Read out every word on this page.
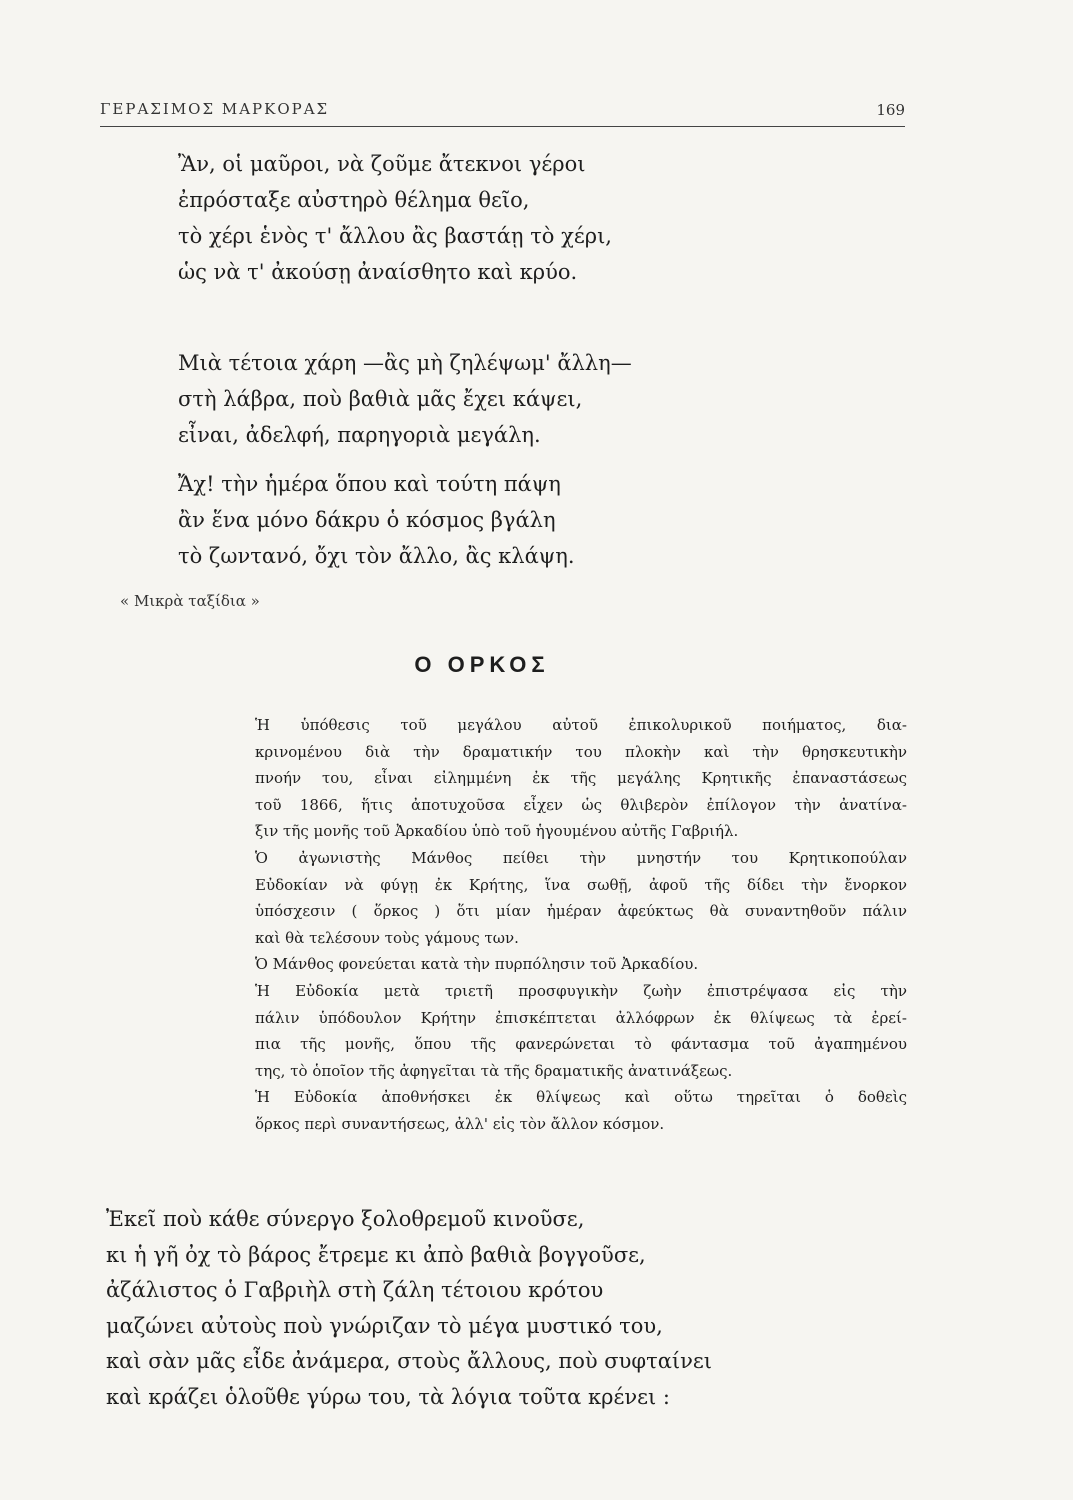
ΓΕΡΑΣΙΜΟΣ ΜΑΡΚΟΡΑΣ	169
Ἂν, οἱ μαῦροι, νὰ ζοῦμε ἄτεκνοι γέροι
ἐπρόσταξε αὐστηρὸ θέλημα θεῖο,
τὸ χέρι ἑνὸς τ' ἄλλου ἂς βαστάῃ τὸ χέρι,
ὡς νὰ τ' ἀκούσῃ ἀναίσθητο καὶ κρύο.
Μιὰ τέτοια χάρη —ἂς μὴ ζηλέψωμ' ἄλλη—
στὴ λάβρα, ποὺ βαθιὰ μᾶς ἔχει κάψει,
εἶναι, ἀδελφή, παρηγοριὰ μεγάλη.
Ἄχ! τὴν ἡμέρα ὅπου καὶ τούτη πάψη
ἂν ἕνα μόνο δάκρυ ὁ κόσμος βγάλη
τὸ ζωντανό, ὄχι τὸν ἄλλο, ἂς κλάψη.
« Μικρὰ ταξίδια »
Ο ΟΡΚΟΣ
Ἡ ὑπόθεσις τοῦ μεγάλου αὐτοῦ ἐπικολυρικοῦ ποιήματος, δια-
κρινομένου διὰ τὴν δραματικήν του πλοκὴν καὶ τὴν θρησκευτικὴν
πνοήν του, εἶναι εἰλημμένη ἐκ τῆς μεγάλης Κρητικῆς ἐπαναστάσεως
τοῦ 1866, ἥτις ἀποτυχοῦσα εἶχεν ὡς θλιβερὸν ἐπίλογον τὴν ἀνατίνα-
ξιν τῆς μονῆς τοῦ Ἀρκαδίου ὑπὸ τοῦ ἡγουμένου αὐτῆς Γαβριήλ.
Ὁ ἀγωνιστὴς Μάνθος πείθει τὴν μνηστήν του Κρητικοπούλαν
Εὐδοκίαν νὰ φύγῃ ἐκ Κρήτης, ἵνα σωθῇ, ἀφοῦ τῆς δίδει τὴν ἔνορκον
ὑπόσχεσιν ( ὅρκος ) ὅτι μίαν ἡμέραν ἀφεύκτως θὰ συναντηθοῦν πάλιν
καὶ θὰ τελέσουν τοὺς γάμους των.
Ὁ Μάνθος φονεύεται κατὰ τὴν πυρπόλησιν τοῦ Ἀρκαδίου.
Ἡ Εὐδοκία μετὰ τριετῆ προσφυγικὴν ζωὴν ἐπιστρέψασα εἰς τὴν
πάλιν ὑπόδουλον Κρήτην ἐπισκέπτεται ἀλλόφρων ἐκ θλίψεως τὰ ἐρεί-
πια τῆς μονῆς, ὅπου τῆς φανερώνεται τὸ φάντασμα τοῦ ἀγαπημένου
της, τὸ ὁποῖον τῆς ἀφηγεῖται τὰ τῆς δραματικῆς ἀνατινάξεως.
Ἡ Εὐδοκία ἀποθνήσκει ἐκ θλίψεως καὶ οὕτω τηρεῖται ὁ δοθεὶς
ὅρκος περὶ συναντήσεως, ἀλλ' εἰς τὸν ἄλλον κόσμον.
Ἐκεῖ ποὺ κάθε σύνεργο ξολοθρεμοῦ κινοῦσε,
κι ἡ γῆ ὀχ τὸ βάρος ἔτρεμε κι ἀπὸ βαθιὰ βογγοῦσε,
ἀζάλιστος ὁ Γαβριὴλ στὴ ζάλη τέτοιου κρότου
μαζώνει αὐτοὺς ποὺ γνώριζαν τὸ μέγα μυστικό του,
καὶ σὰν μᾶς εἶδε ἀνάμερα, στοὺς ἄλλους, ποὺ συφταίνει
καὶ κράζει ὁλοῦθε γύρω του, τὰ λόγια τοῦτα κρένει :
